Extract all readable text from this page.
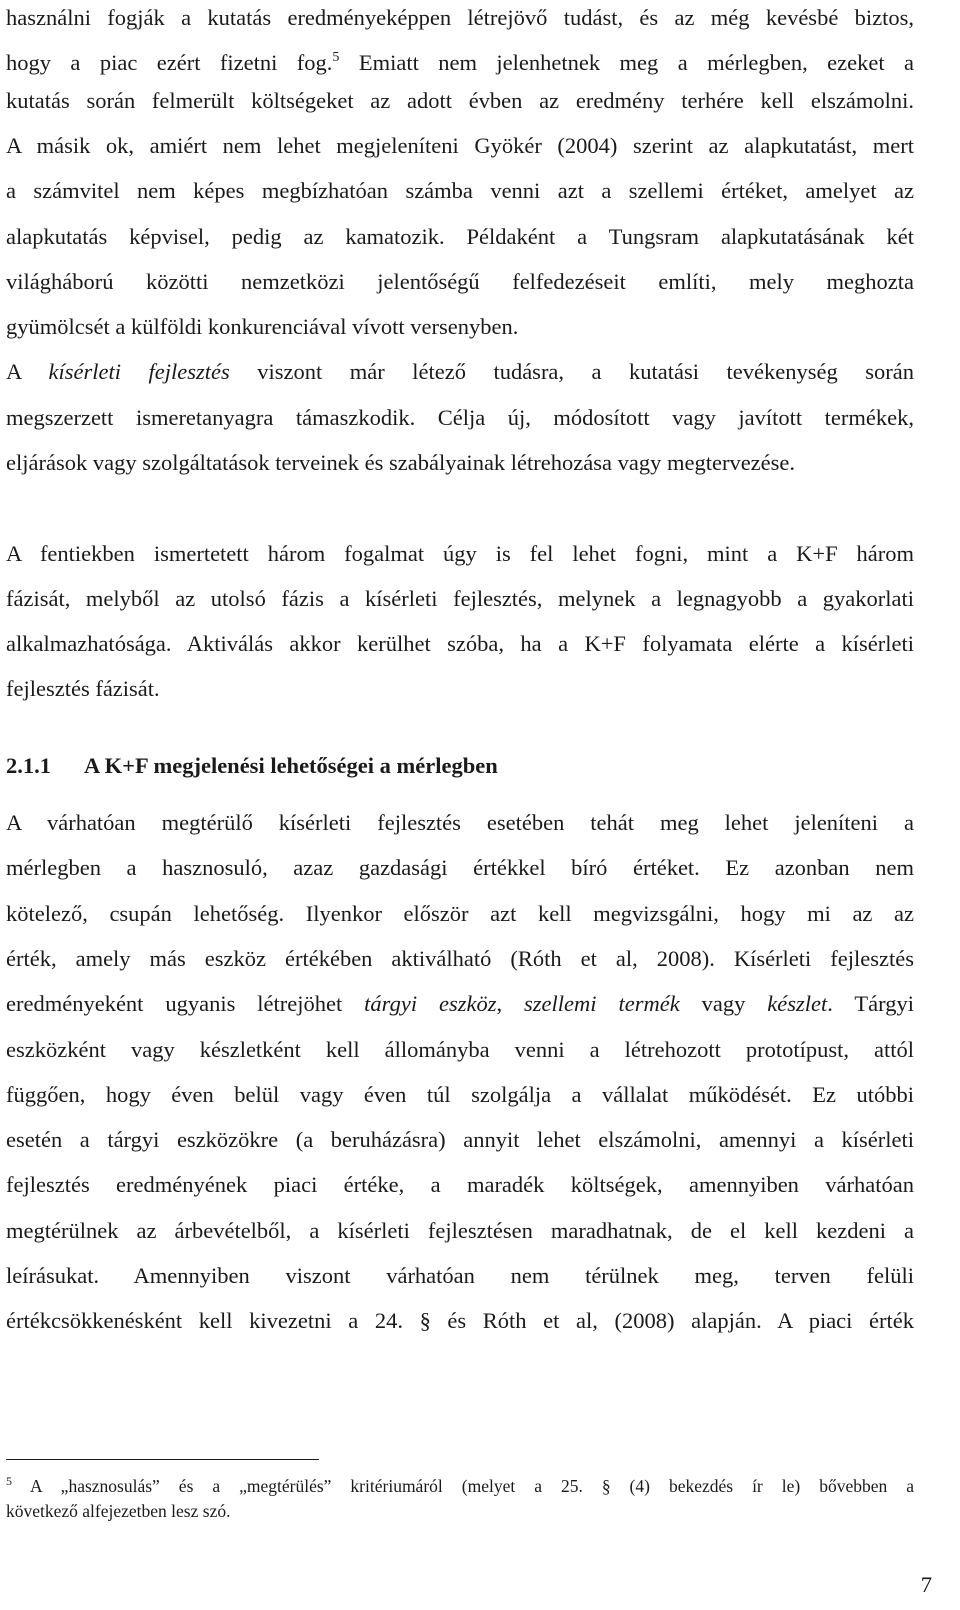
használni fogják a kutatás eredményeképpen létrejövő tudást, és az még kevésbé biztos,
hogy a piac ezért fizetni fog.$^5$ Emiatt nem jelenhetnek meg a mérlegben, ezeket a
kutatás során felmerült költségeket az adott évben az eredmény terhére kell elszámolni.
A másik ok, amiért nem lehet megjeleníteni Gyökér (2004) szerint az alapkutatást, mert
a számvitel nem képes megbízhatóan számba venni azt a szellemi értéket, amelyet az
alapkutatás képvisel, pedig az kamatozik. Példaként a Tungsram alapkutatásának két
világháború közötti nemzetközi jelentőségű felfedezéseit említi, mely meghozta
gyümölcsét a külföldi konkurenciával vívott versenyben.
A kísérleti fejlesztés viszont már létező tudásra, a kutatási tevékenység során
megszerzett ismeretanyagra támaszkodik. Célja új, módosított vagy javított termékek,
eljárások vagy szolgáltatások terveinek és szabályainak létrehozása vagy megtervezése.
A fentiekben ismertetett három fogalmat úgy is fel lehet fogni, mint a K+F három
fázisát, melyből az utolsó fázis a kísérleti fejlesztés, melynek a legnagyobb a gyakorlati
alkalmazhatósága. Aktiválás akkor kerülhet szóba, ha a K+F folyamata elérte a kísérleti
fejlesztés fázisát.
2.1.1 A K+F megjelenési lehetőségei a mérlegben
A várhatóan megtérülő kísérleti fejlesztés esetében tehát meg lehet jeleníteni a
mérlegben a hasznosuló, azaz gazdasági értékkel bíró értéket. Ez azonban nem
kötelező, csupán lehetőség. Ilyenkor először azt kell megvizsgálni, hogy mi az az
érték, amely más eszköz értékében aktiválható (Róth et al, 2008). Kísérleti fejlesztés
eredményeként ugyanis létrejöhet tárgyi eszköz, szellemi termék vagy készlet. Tárgyi
eszközként vagy készletként kell állományba venni a létrehozott prototípust, attól
függően, hogy éven belül vagy éven túl szolgálja a vállalat működését. Ez utóbbi
esetén a tárgyi eszközökre (a beruházásra) annyit lehet elszámolni, amennyi a kísérleti
fejlesztés eredményének piaci értéke, a maradék költségek, amennyiben várhatóan
megtérülnek az árbevételből, a kísérleti fejlesztésen maradhatnak, de el kell kezdeni a
leírásukat. Amennyiben viszont várhatóan nem térülnek meg, terven felüli
értékcsökkenésként kell kivezetni a 24. § és Róth et al, (2008) alapján. A piaci érték
$^5$ A „hasznosulás” és a „megtérülés” kritériumáról (melyet a 25. § (4) bekezdés ír le) bővebben a
következő alfejezetben lesz szó.
7
